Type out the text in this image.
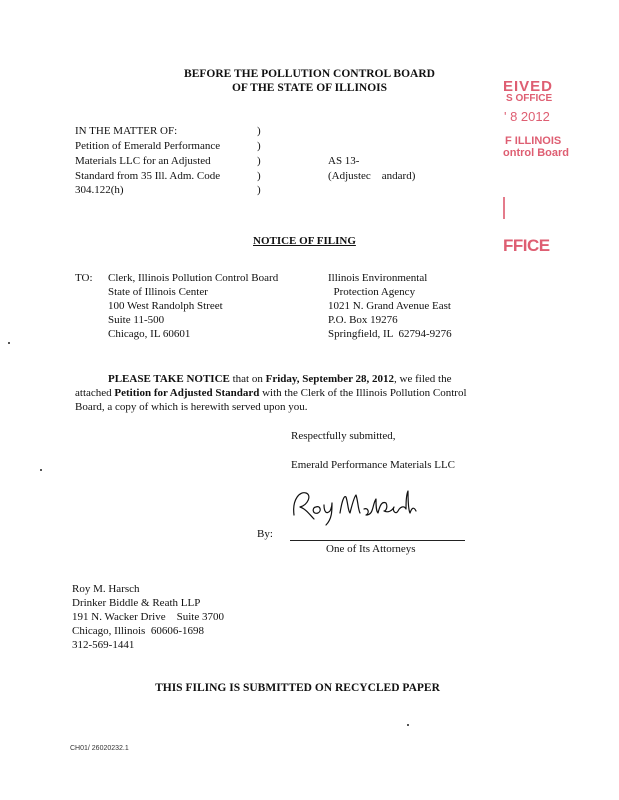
BEFORE THE POLLUTION CONTROL BOARD
OF THE STATE OF ILLINOIS	EIVED
S OFFICE
' 8 2012
F ILLINOIS
ontrol Board
FFICE
IN THE MATTER OF:
Petition of Emerald Performance
Materials LLC for an Adjusted
Standard from 35 Ill. Adm. Code
304.122(h)
)
)
)
)
)
AS 13-
(Adjustec    andard)
NOTICE OF FILING
TO: Clerk, Illinois Pollution Control Board
State of Illinois Center
100 West Randolph Street
Suite 11-500
Chicago, IL 60601
Illinois Environmental
Protection Agency
1021 N. Grand Avenue East
P.O. Box 19276
Springfield, IL  62794-9276
PLEASE TAKE NOTICE that on Friday, September 28, 2012, we filed the
attached Petition for Adjusted Standard with the Clerk of the Illinois Pollution Control
Board, a copy of which is herewith served upon you.
Respectfully submitted,
Emerald Performance Materials LLC
By:
One of Its Attorneys
Roy M. Harsch
Drinker Biddle & Reath LLP
191 N. Wacker Drive    Suite 3700
Chicago, Illinois  60606-1698
312-569-1441
THIS FILING IS SUBMITTED ON RECYCLED PAPER
CH01/ 26020232.1
